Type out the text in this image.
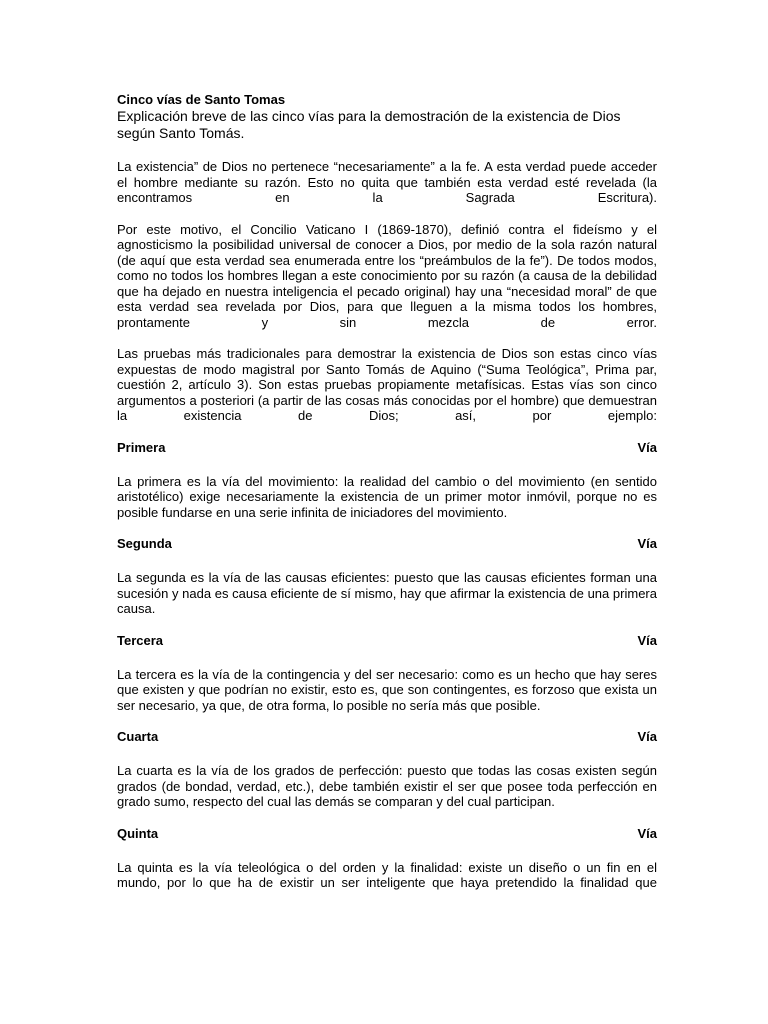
Cinco vías de Santo Tomas
Explicación breve de las cinco vías para la demostración de la existencia de Dios según Santo Tomás.

La existencia” de Dios no pertenece “necesariamente” a la fe. A esta verdad puede acceder el hombre mediante su razón. Esto no quita que también esta verdad esté revelada (la encontramos en la Sagrada Escritura).

Por este motivo, el Concilio Vaticano I (1869-1870), definió contra el fideísmo y el agnosticismo la posibilidad universal de conocer a Dios, por medio de la sola razón natural (de aquí que esta verdad sea enumerada entre los “preámbulos de la fe”). De todos modos, como no todos los hombres llegan a este conocimiento por su razón (a causa de la debilidad que ha dejado en nuestra inteligencia el pecado original) hay una “necesidad moral” de que esta verdad sea revelada por Dios, para que lleguen a la misma todos los hombres, prontamente y sin mezcla de error.

Las pruebas más tradicionales para demostrar la existencia de Dios son estas cinco vías expuestas de modo magistral por Santo Tomás de Aquino (“Suma Teológica”, Prima par, cuestión 2, artículo 3). Son estas pruebas propiamente metafísicas. Estas vías son cinco argumentos a posteriori (a partir de las cosas más conocidas por el hombre) que demuestran la existencia de Dios; así, por ejemplo:

Primera	Vía

La primera es la vía del movimiento: la realidad del cambio o del movimiento (en sentido aristotélico) exige necesariamente la existencia de un primer motor inmóvil, porque no es posible fundarse en una serie infinita de iniciadores del movimiento.

Segunda	Vía

La segunda es la vía de las causas eficientes: puesto que las causas eficientes forman una sucesión y nada es causa eficiente de sí mismo, hay que afirmar la existencia de una primera causa.

Tercera	Vía

La tercera es la vía de la contingencia y del ser necesario: como es un hecho que hay seres que existen y que podrían no existir, esto es, que son contingentes, es forzoso que exista un ser necesario, ya que, de otra forma, lo posible no sería más que posible.

Cuarta	Vía

La cuarta es la vía de los grados de perfección: puesto que todas las cosas existen según grados (de bondad, verdad, etc.), debe también existir el ser que posee toda perfección en grado sumo, respecto del cual las demás se comparan y del cual participan.

Quinta	Vía

La quinta es la vía teleológica o del orden y la finalidad: existe un diseño o un fin en el mundo, por lo que ha de existir un ser inteligente que haya pretendido la finalidad que
